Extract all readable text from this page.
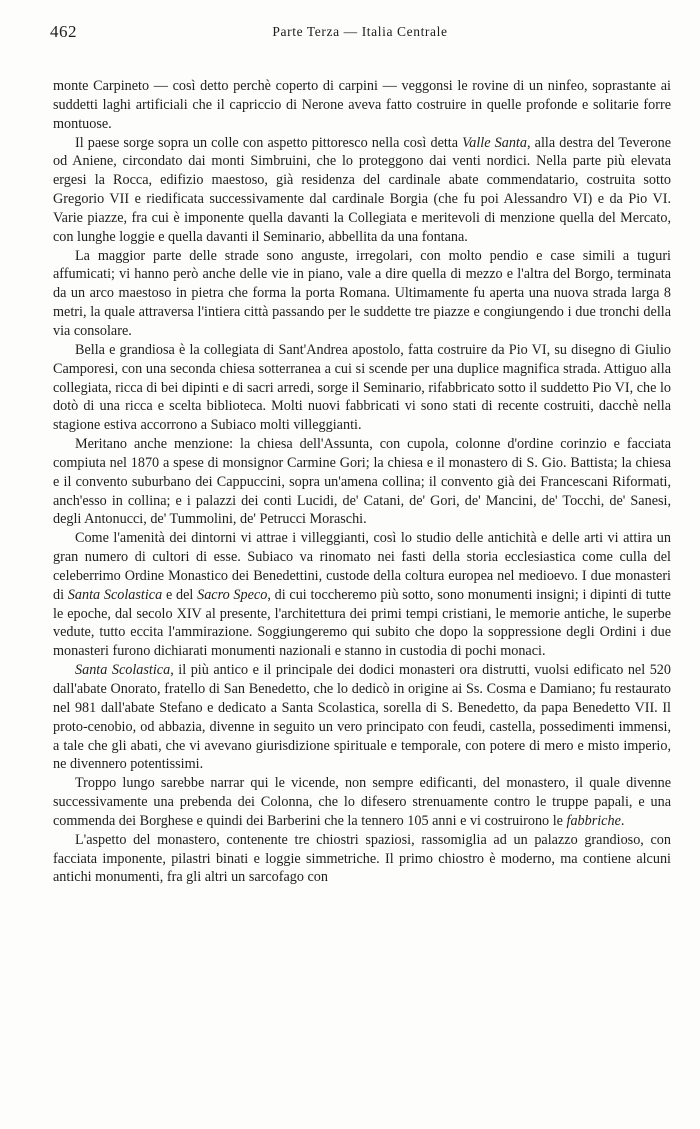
462	Parte Terza — Italia Centrale

monte Carpineto — così detto perchè coperto di carpini — veggonsi le rovine di un ninfeo, soprastante ai suddetti laghi artificiali che il capriccio di Nerone aveva fatto costruire in quelle profonde e solitarie forre montuose.

Il paese sorge sopra un colle con aspetto pittoresco nella così detta Valle Santa, alla destra del Teverone od Aniene, circondato dai monti Simbruini, che lo proteggono dai venti nordici. Nella parte più elevata ergesi la Rocca, edifizio maestoso, già residenza del cardinale abate commendatario, costruita sotto Gregorio VII e riedificata successivamente dal cardinale Borgia (che fu poi Alessandro VI) e da Pio VI. Varie piazze, fra cui è imponente quella davanti la Collegiata e meritevoli di menzione quella del Mercato, con lunghe loggie e quella davanti il Seminario, abbellita da una fontana.

La maggior parte delle strade sono anguste, irregolari, con molto pendio e case simili a tuguri affumicati; vi hanno però anche delle vie in piano, vale a dire quella di mezzo e l'altra del Borgo, terminata da un arco maestoso in pietra che forma la porta Romana. Ultimamente fu aperta una nuova strada larga 8 metri, la quale attraversa l'intiera città passando per le suddette tre piazze e congiungendo i due tronchi della via consolare.

Bella e grandiosa è la collegiata di Sant'Andrea apostolo, fatta costruire da Pio VI, su disegno di Giulio Camporesi, con una seconda chiesa sotterranea a cui si scende per una duplice magnifica strada. Attiguo alla collegiata, ricca di bei dipinti e di sacri arredi, sorge il Seminario, rifabbricato sotto il suddetto Pio VI, che lo dotò di una ricca e scelta biblioteca. Molti nuovi fabbricati vi sono stati di recente costruiti, dacchè nella stagione estiva accorrono a Subiaco molti villeggianti.

Meritano anche menzione: la chiesa dell'Assunta, con cupola, colonne d'ordine corinzio e facciata compiuta nel 1870 a spese di monsignor Carmine Gori; la chiesa e il monastero di S. Gio. Battista; la chiesa e il convento suburbano dei Cappuccini, sopra un'amena collina; il convento già dei Francescani Riformati, anch'esso in collina; e i palazzi dei conti Lucidi, de' Catani, de' Gori, de' Mancini, de' Tocchi, de' Sanesi, degli Antonucci, de' Tummolini, de' Petrucci Moraschi.

Come l'amenità dei dintorni vi attrae i villeggianti, così lo studio delle antichità e delle arti vi attira un gran numero di cultori di esse. Subiaco va rinomato nei fasti della storia ecclesiastica come culla del celeberrimo Ordine Monastico dei Benedettini, custode della coltura europea nel medioevo. I due monasteri di Santa Scolastica e del Sacro Speco, di cui toccheremo più sotto, sono monumenti insigni; i dipinti di tutte le epoche, dal secolo XIV al presente, l'architettura dei primi tempi cristiani, le memorie antiche, le superbe vedute, tutto eccita l'ammirazione. Soggiungeremo qui subito che dopo la soppressione degli Ordini i due monasteri furono dichiarati monumenti nazionali e stanno in custodia di pochi monaci.

Santa Scolastica, il più antico e il principale dei dodici monasteri ora distrutti, vuolsi edificato nel 520 dall'abate Onorato, fratello di San Benedetto, che lo dedicò in origine ai Ss. Cosma e Damiano; fu restaurato nel 981 dall'abate Stefano e dedicato a Santa Scolastica, sorella di S. Benedetto, da papa Benedetto VII. Il proto-cenobio, od abbazia, divenne in seguito un vero principato con feudi, castella, possedimenti immensi, a tale che gli abati, che vi avevano giurisdizione spirituale e temporale, con potere di mero e misto imperio, ne divennero potentissimi.

Troppo lungo sarebbe narrar qui le vicende, non sempre edificanti, del monastero, il quale divenne successivamente una prebenda dei Colonna, che lo difesero strenuamente contro le truppe papali, e una commenda dei Borghese e quindi dei Barberini che la tennero 105 anni e vi costruirono le fabbriche.

L'aspetto del monastero, contenente tre chiostri spaziosi, rassomiglia ad un palazzo grandioso, con facciata imponente, pilastri binati e loggie simmetriche. Il primo chiostro è moderno, ma contiene alcuni antichi monumenti, fra gli altri un sarcofago con
